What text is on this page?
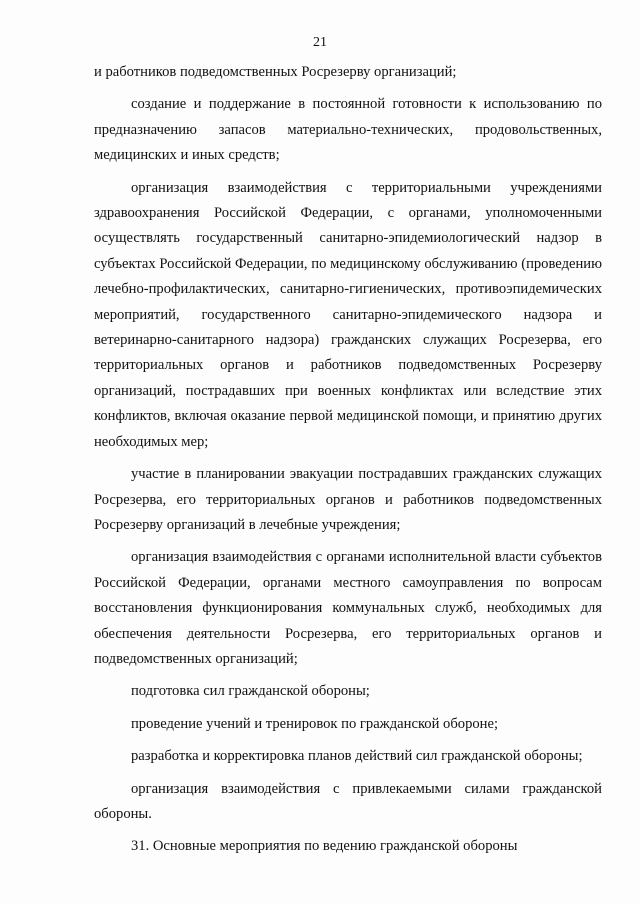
21

и работников подведомственных Росрезерву организаций;

создание и поддержание в постоянной готовности к использованию по предназначению запасов материально-технических, продовольственных, медицинских и иных средств;

организация взаимодействия с территориальными учреждениями здравоохранения Российской Федерации, с органами, уполномоченными осуществлять государственный санитарно-эпидемиологический надзор в субъектах Российской Федерации, по медицинскому обслуживанию (проведению лечебно-профилактических, санитарно-гигиенических, противоэпидемических мероприятий, государственного санитарно-эпидемического надзора и ветеринарно-санитарного надзора) гражданских служащих Росрезерва, его территориальных органов и работников подведомственных Росрезерву организаций, пострадавших при военных конфликтах или вследствие этих конфликтов, включая оказание первой медицинской помощи, и принятию других необходимых мер;

участие в планировании эвакуации пострадавших гражданских служащих Росрезерва, его территориальных органов и работников подведомственных Росрезерву организаций в лечебные учреждения;

организация взаимодействия с органами исполнительной власти субъектов Российской Федерации, органами местного самоуправления по вопросам восстановления функционирования коммунальных служб, необходимых для обеспечения деятельности Росрезерва, его территориальных органов и подведомственных организаций;

подготовка сил гражданской обороны;

проведение учений и тренировок по гражданской обороне;

разработка и корректировка планов действий сил гражданской обороны;

организация взаимодействия с привлекаемыми силами гражданской обороны.

31. Основные мероприятия по ведению гражданской обороны
